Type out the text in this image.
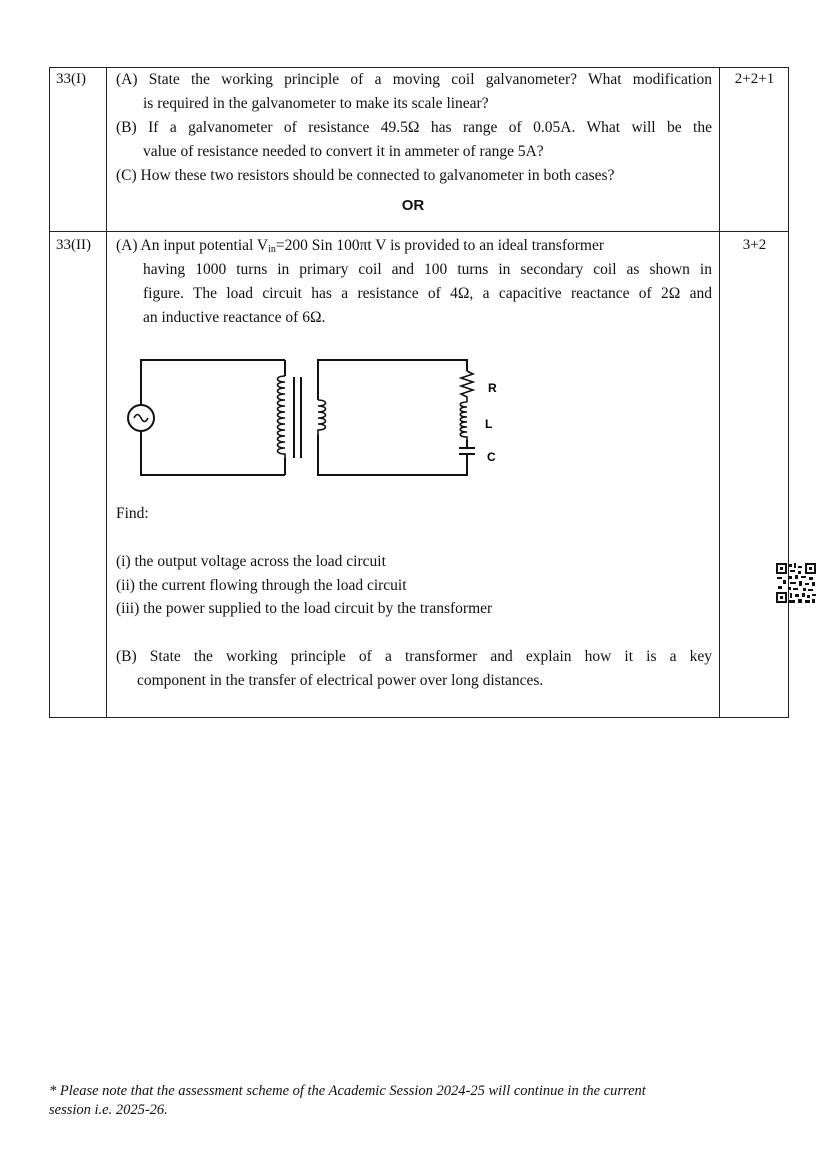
33(I)	2+2+1
(A) State the working principle of a moving coil galvanometer? What modification
is required in the galvanometer to make its scale linear?
(B) If a galvanometer of resistance 49.5Ω has range of 0.05A. What will be the
value of resistance needed to convert it in ammeter of range 5A?
(C) How these two resistors should be connected to galvanometer in both cases?
OR
33(II)	3+2
(A) An input potential $V_{in}=200$ Sin 100πt V is provided to an ideal transformer
having 1000 turns in primary coil and 100 turns in secondary coil as shown in
figure. The load circuit has a resistance of 4Ω, a capacitive reactance of 2Ω and
an inductive reactance of 6Ω.
R
L
C
Find:
(i) the output voltage across the load circuit
(ii) the current flowing through the load circuit
(iii) the power supplied to the load circuit by the transformer
(B) State the working principle of a transformer and explain how it is a key
component in the transfer of electrical power over long distances.
* Please note that the assessment scheme of the Academic Session 2024-25 will continue in the current
session i.e. 2025-26.
